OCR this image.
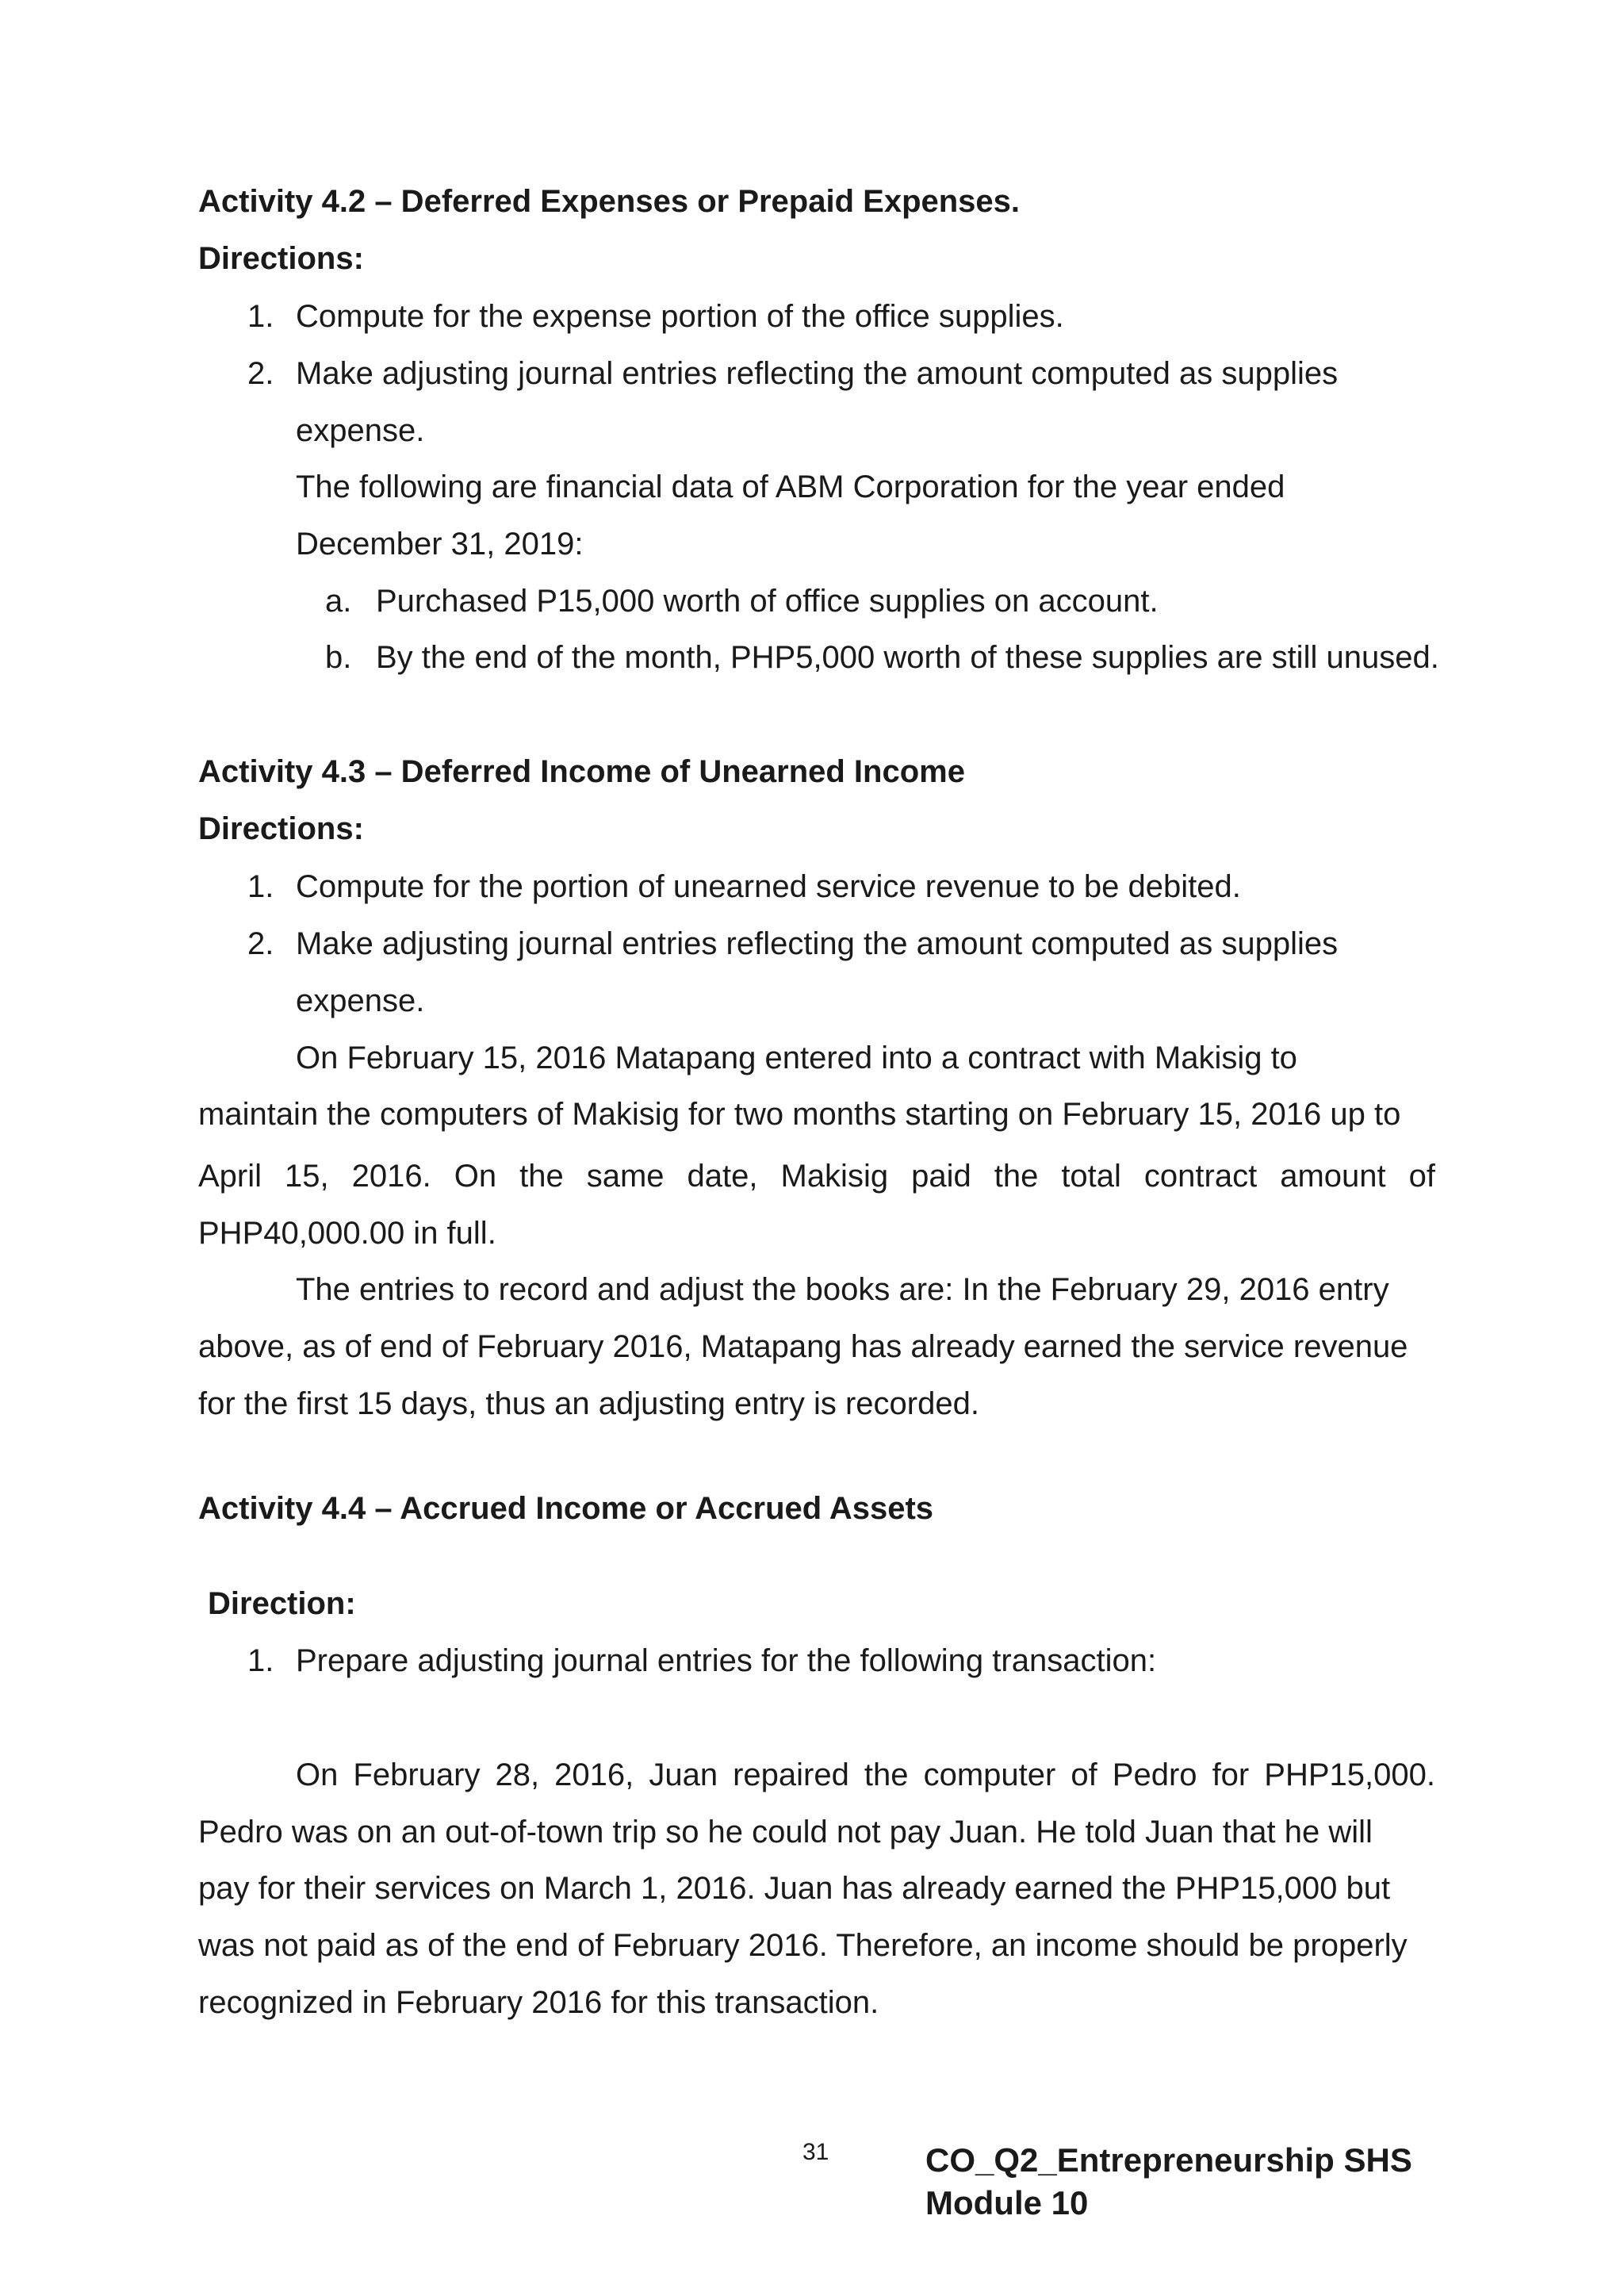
Activity 4.2 – Deferred Expenses or Prepaid Expenses.
Directions:
1. Compute for the expense portion of the office supplies.
2. Make adjusting journal entries reflecting the amount computed as supplies
expense.
The following are financial data of ABM Corporation for the year ended
December 31, 2019:
a. Purchased P15,000 worth of office supplies on account.
b. By the end of the month, PHP5,000 worth of these supplies are still unused.
Activity 4.3 – Deferred Income of Unearned Income
Directions:
1. Compute for the portion of unearned service revenue to be debited.
2. Make adjusting journal entries reflecting the amount computed as supplies
expense.
On February 15, 2016 Matapang entered into a contract with Makisig to
maintain the computers of Makisig for two months starting on February 15, 2016 up to
April 15, 2016. On the same date, Makisig paid the total contract amount of
PHP40,000.00 in full.
The entries to record and adjust the books are: In the February 29, 2016 entry
above, as of end of February 2016, Matapang has already earned the service revenue
for the first 15 days, thus an adjusting entry is recorded.
Activity 4.4 – Accrued Income or Accrued Assets
Direction:
1. Prepare adjusting journal entries for the following transaction:
On February 28, 2016, Juan repaired the computer of Pedro for PHP15,000.
Pedro was on an out-of-town trip so he could not pay Juan. He told Juan that he will
pay for their services on March 1, 2016. Juan has already earned the PHP15,000 but
was not paid as of the end of February 2016. Therefore, an income should be properly
recognized in February 2016 for this transaction.
31	CO_Q2_Entrepreneurship SHS
Module 10
